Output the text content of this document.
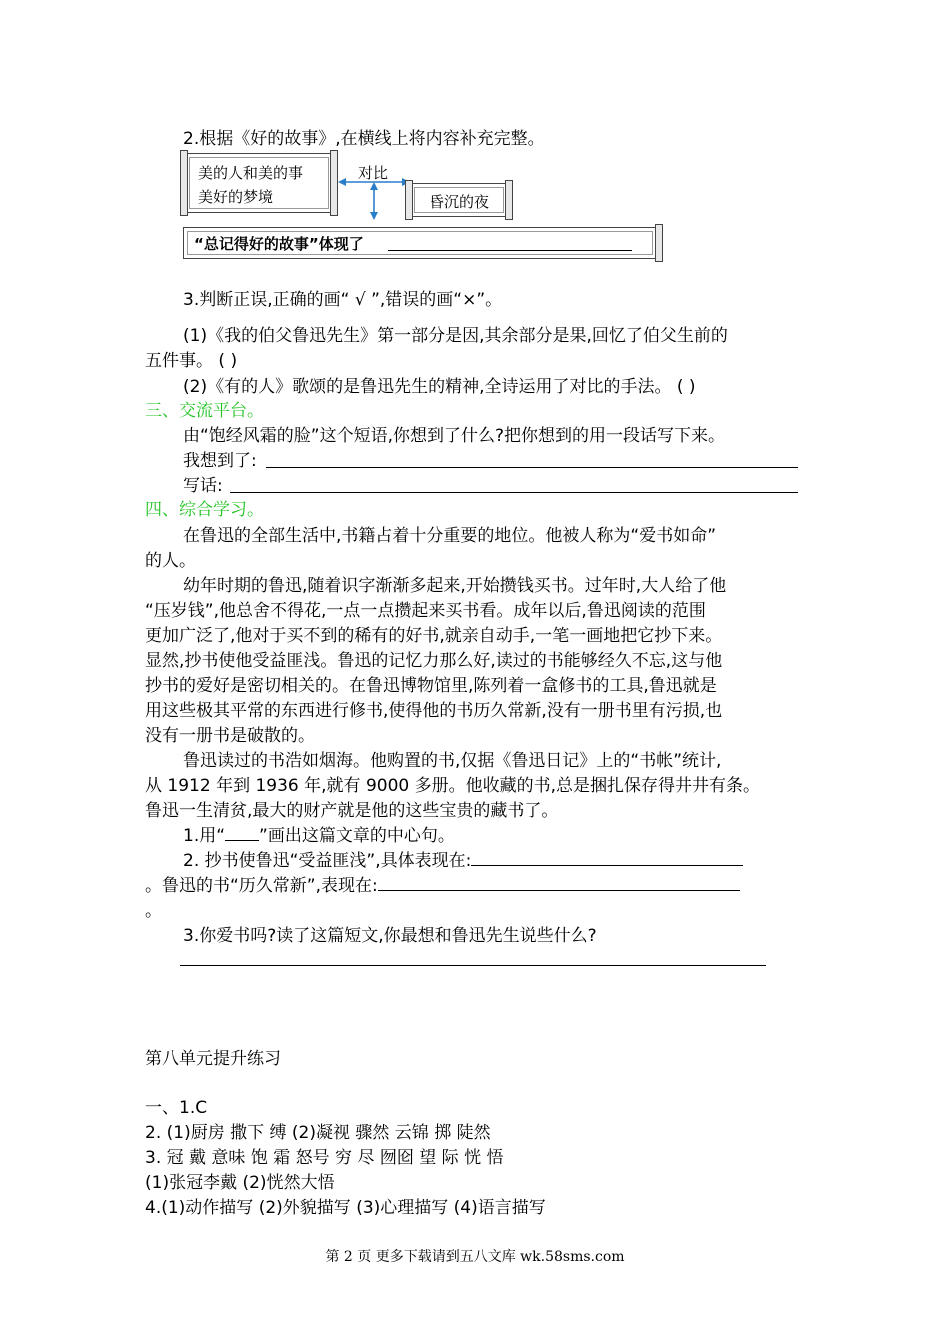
2.根据《好的故事》,在横线上将内容补充完整。
美的人和美的事
美好的梦境
对比
昏沉的夜
“总记得好的故事”体现了
3.判断正误,正确的画“ √ ”,错误的画“×”。
(1)《我的伯父鲁迅先生》第一部分是因,其余部分是果,回忆了伯父生前的
五件事。 ( )
(2)《有的人》歌颂的是鲁迅先生的精神,全诗运用了对比的手法。 ( )
三、交流平台。
由“饱经风霜的脸”这个短语,你想到了什么?把你想到的用一段话写下来。
我想到了:
写话:
四、综合学习。
在鲁迅的全部生活中,书籍占着十分重要的地位。他被人称为“爱书如命”
的人。
幼年时期的鲁迅,随着识字渐渐多起来,开始攒钱买书。过年时,大人给了他
“压岁钱”,他总舍不得花,一点一点攒起来买书看。成年以后,鲁迅阅读的范围
更加广泛了,他对于买不到的稀有的好书,就亲自动手,一笔一画地把它抄下来。
显然,抄书使他受益匪浅。鲁迅的记忆力那么好,读过的书能够经久不忘,这与他
抄书的爱好是密切相关的。在鲁迅博物馆里,陈列着一盒修书的工具,鲁迅就是
用这些极其平常的东西进行修书,使得他的书历久常新,没有一册书里有污损,也
没有一册书是破散的。
鲁迅读过的书浩如烟海。他购置的书,仅据《鲁迅日记》上的“书帐”统计,
从 1912 年到 1936 年,就有 9000 多册。他收藏的书,总是捆扎保存得井井有条。
鲁迅一生清贫,最大的财产就是他的这些宝贵的藏书了。
1.用“ ”画出这篇文章的中心句。
2. 抄书使鲁迅“受益匪浅”,具体表现在:
。鲁迅的书“历久常新”,表现在:
。
3.你爱书吗?读了这篇短文,你最想和鲁迅先生说些什么?
第八单元提升练习
一、1.C
2. (1)厨房 撒下 缚 (2)凝视 骤然 云锦 掷 陡然
3. 冠 戴 意味 饱 霜 怒号 穷 尽 囫囵 望 际 恍 悟
(1)张冠李戴 (2)恍然大悟
4.(1)动作描写 (2)外貌描写 (3)心理描写 (4)语言描写
第 2 页 更多下载请到五八文库 wk.58sms.com
